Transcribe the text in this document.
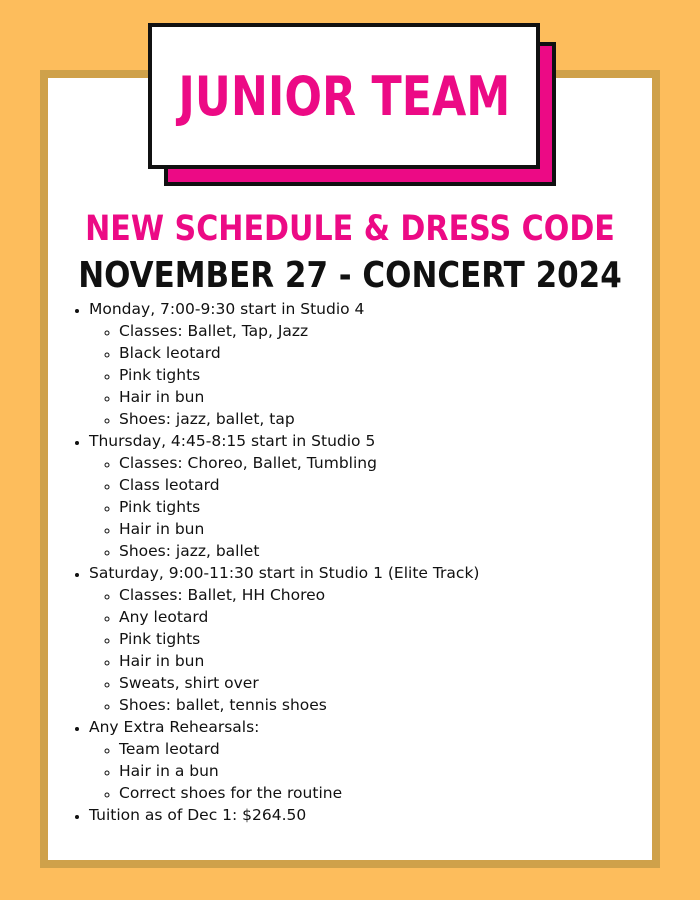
JUNIOR TEAM
NEW SCHEDULE & DRESS CODE
NOVEMBER 27 - CONCERT 2024
• Monday, 7:00-9:30 start in Studio 4
◦ Classes: Ballet, Tap, Jazz
◦ Black leotard
◦ Pink tights
◦ Hair in bun
◦ Shoes: jazz, ballet, tap
• Thursday, 4:45-8:15 start in Studio 5
◦ Classes: Choreo, Ballet, Tumbling
◦ Class leotard
◦ Pink tights
◦ Hair in bun
◦ Shoes: jazz, ballet
• Saturday, 9:00-11:30 start in Studio 1 (Elite Track)
◦ Classes: Ballet, HH Choreo
◦ Any leotard
◦ Pink tights
◦ Hair in bun
◦ Sweats, shirt over
◦ Shoes: ballet, tennis shoes
• Any Extra Rehearsals:
◦ Team leotard
◦ Hair in a bun
◦ Correct shoes for the routine
• Tuition as of Dec 1: $264.50
